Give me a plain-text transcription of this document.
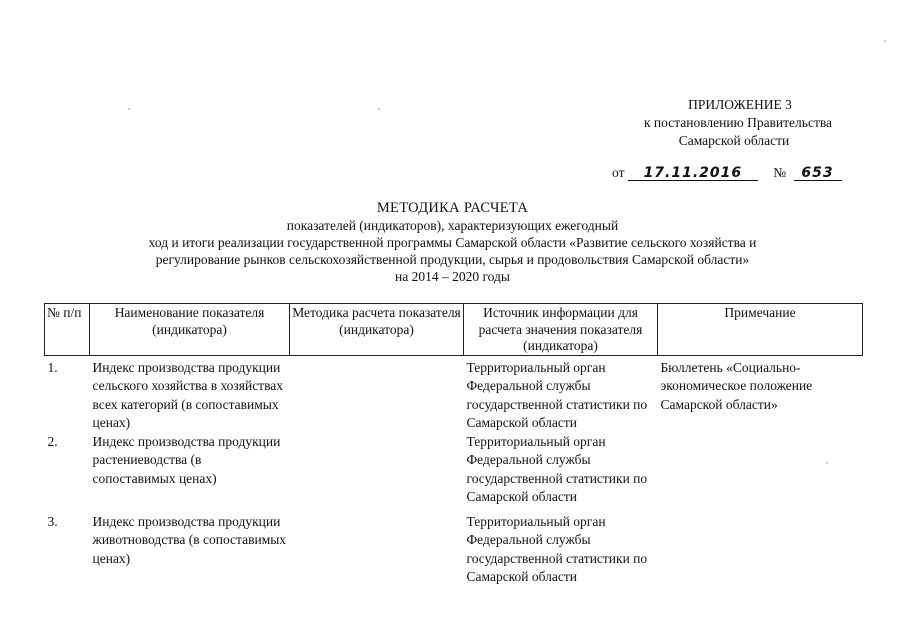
ПРИЛОЖЕНИЕ 3
к постановлению Правительства
Самарской области
от 17.11.2016 № 653
МЕТОДИКА РАСЧЕТА
показателей (индикаторов), характеризующих ежегодный
ход и итоги реализации государственной программы Самарской области «Развитие сельского хозяйства и
регулирование рынков сельскохозяйственной продукции, сырья и продовольствия Самарской области»
на 2014 – 2020 годы
№ п/п	Наименование показателя (индикатора)	Методика расчета показателя (индикатора)	Источник информации для расчета значения показателя (индикатора)	Примечание
1.	Индекс производства продукции сельского хозяйства в хозяйствах всех категорий (в сопоставимых ценах)		Территориальный орган Федеральной службы государственной статистики по Самарской области	Бюллетень «Социально-экономическое положение Самарской области»
2.	Индекс производства продукции растениеводства (в сопоставимых ценах)		Территориальный орган Федеральной службы государственной статистики по Самарской области	

3.	Индекс производства продукции животноводства (в сопоставимых ценах)		Территориальный орган Федеральной службы государственной статистики по Самарской области	
